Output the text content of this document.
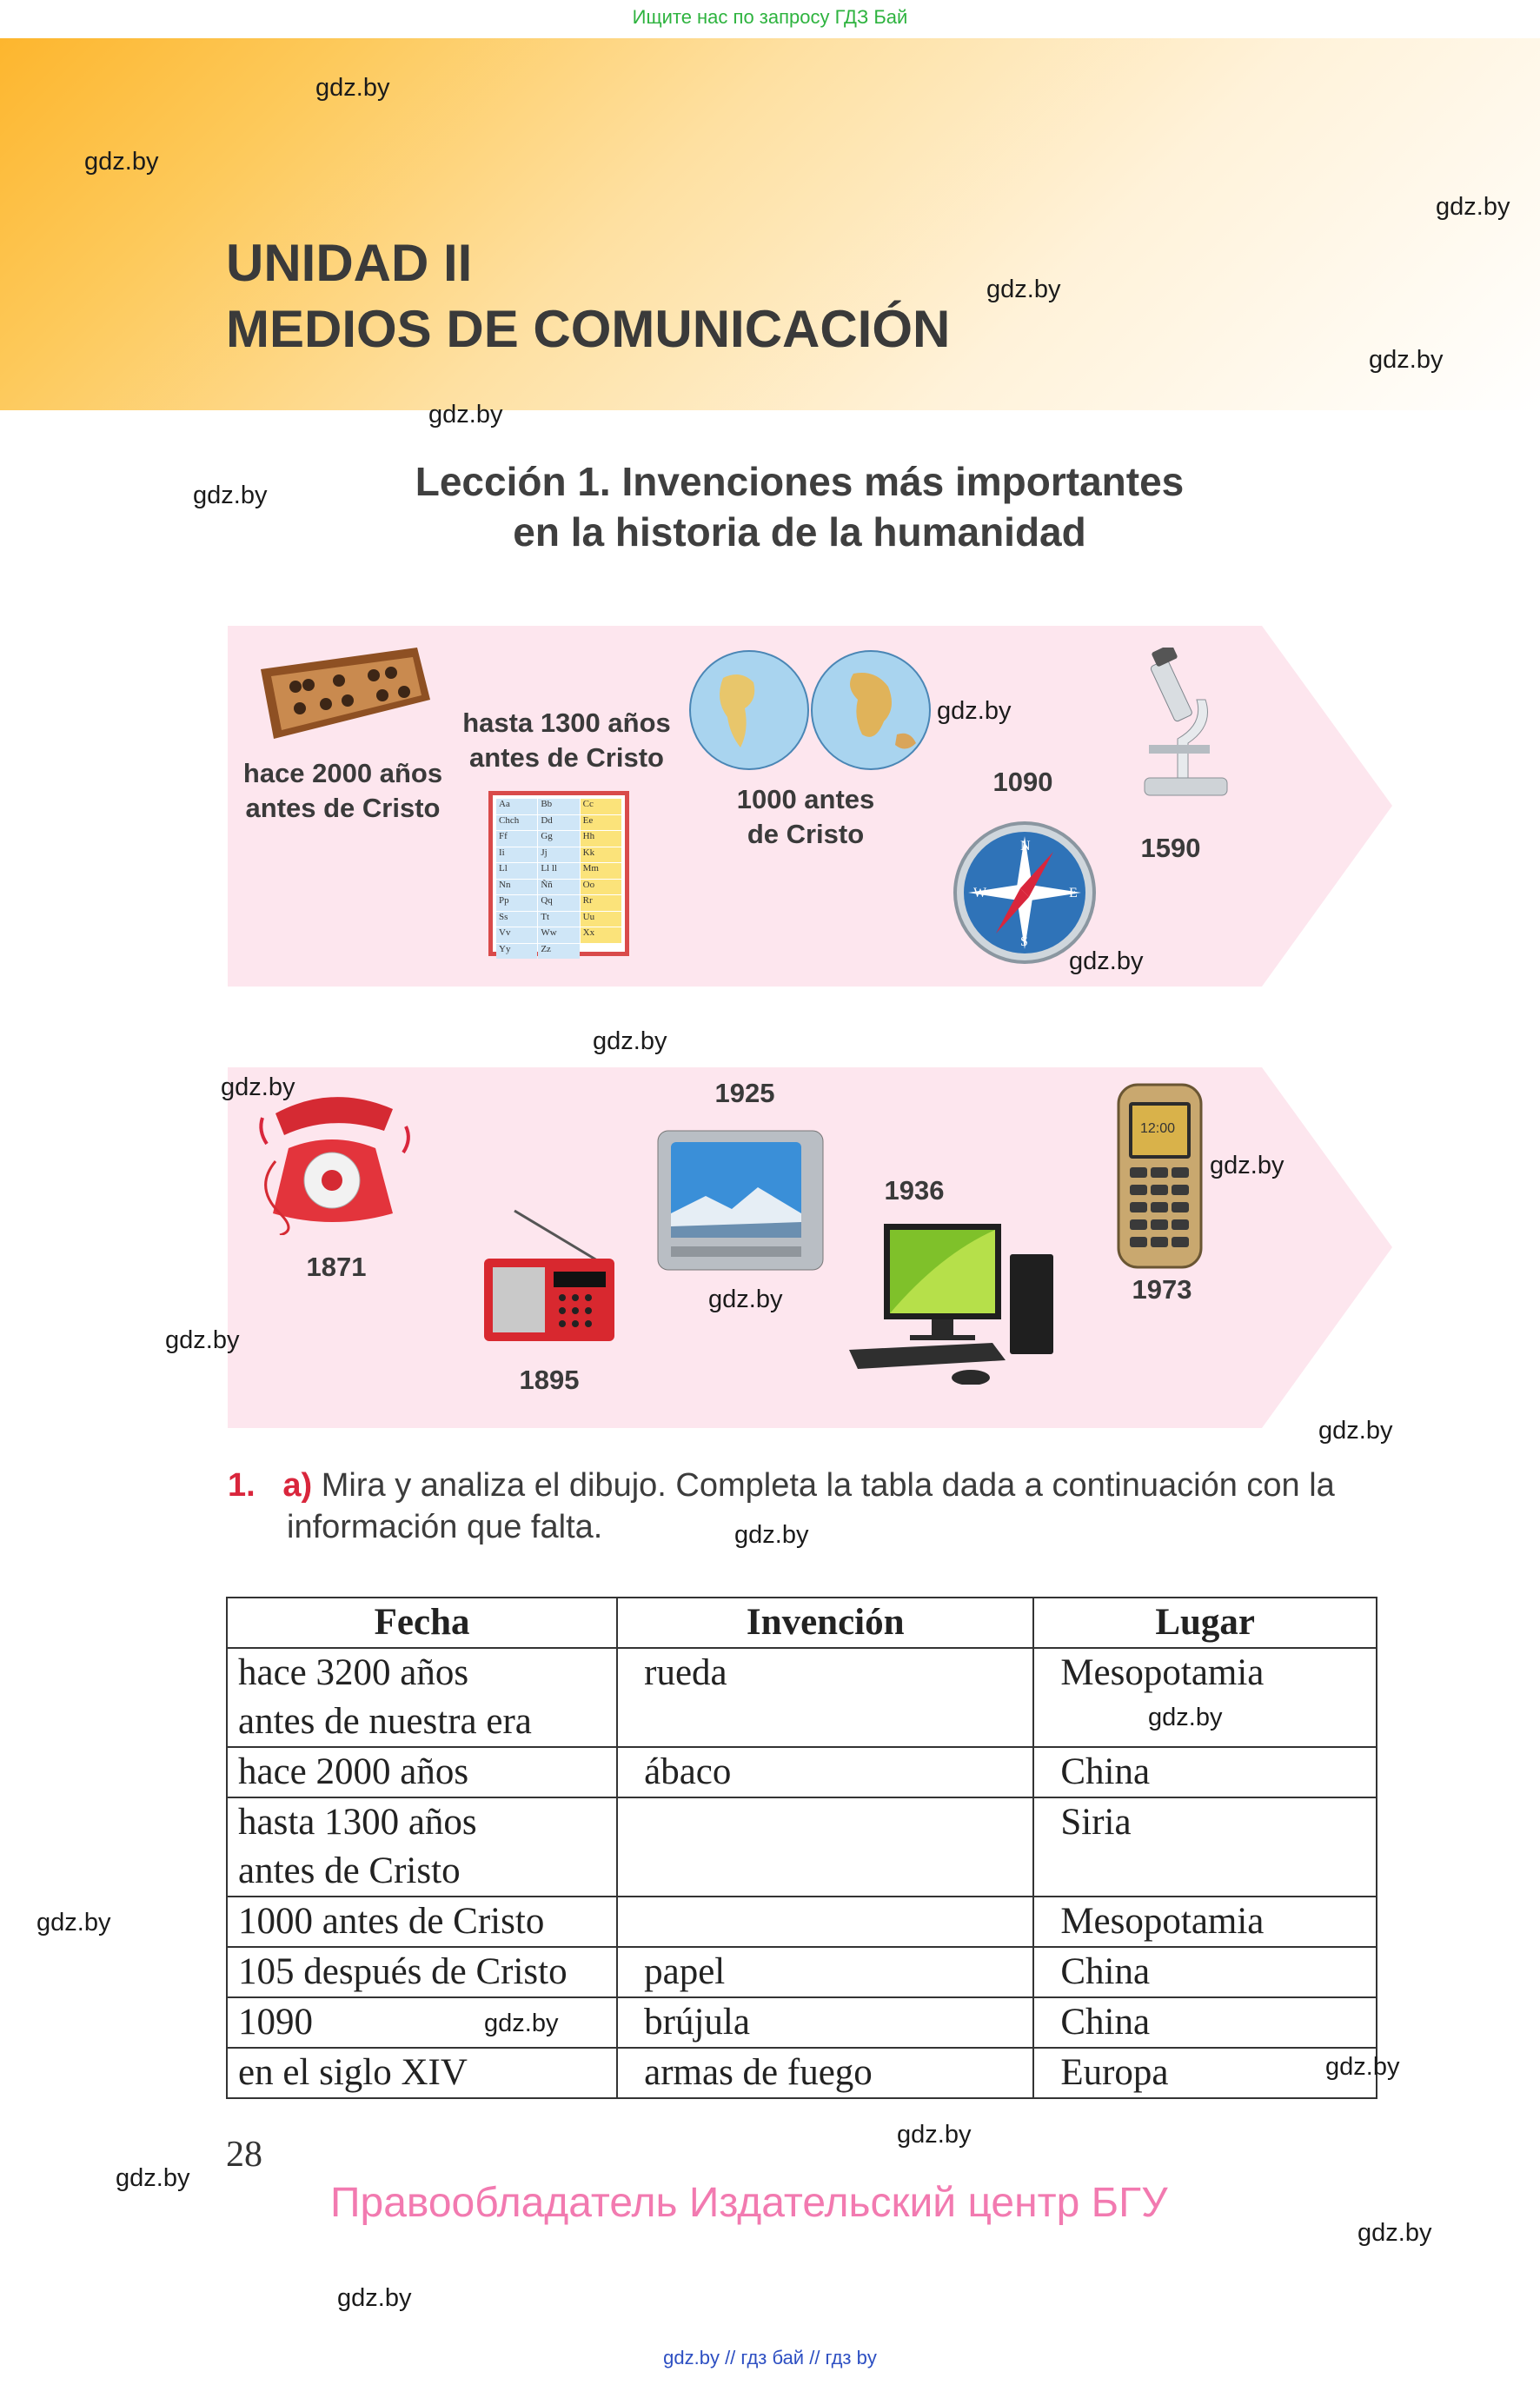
Ищите нас по запросу ГДЗ Бай
UNIDAD II
MEDIOS DE COMUNICACIÓN
Lección 1. Invenciones más importantes
en la historia de la humanidad
hace 2000 años
antes de Cristo
hasta 1300 años
antes de Cristo
Aa	Bb	Cc
Chch	Dd	Ee
Ff	Gg	Hh
Ii	Jj	Kk
Ll	Ll ll	Mm
Nn	Ññ	Oo
Pp	Qq	Rr
Ss	Tt	Uu
Vv	Ww	Xx
Yy	Zz
1000 antes
de Cristo
1090
N
E
S
W
1590
1871
1895
1925
1936
12:00
1973
1. a) Mira y analiza el dibujo. Completa la tabla dada a continuación con la
información que falta.
Fecha	Invención	Lugar

hace 3200 años
antes de nuestra era	rueda	Mesopotamia

hace 2000 años	ábaco	China

hasta 1300 años
antes de Cristo		Siria

1000 antes de Cristo		Mesopotamia

105 después de Cristo	papel	China

1090	brújula	China

en el siglo XIV	armas de fuego	Europa
28
Правообладатель Издательский центр БГУ
gdz.by
gdz.by
gdz.by
gdz.by
gdz.by
gdz.by
gdz.by
gdz.by
gdz.by
gdz.by
gdz.by
gdz.by
gdz.by
gdz.by
gdz.by
gdz.by
gdz.by
gdz.by
gdz.by
gdz.by
gdz.by
gdz.by
gdz.by
gdz.by
gdz.by // гдз бай // гдз by
